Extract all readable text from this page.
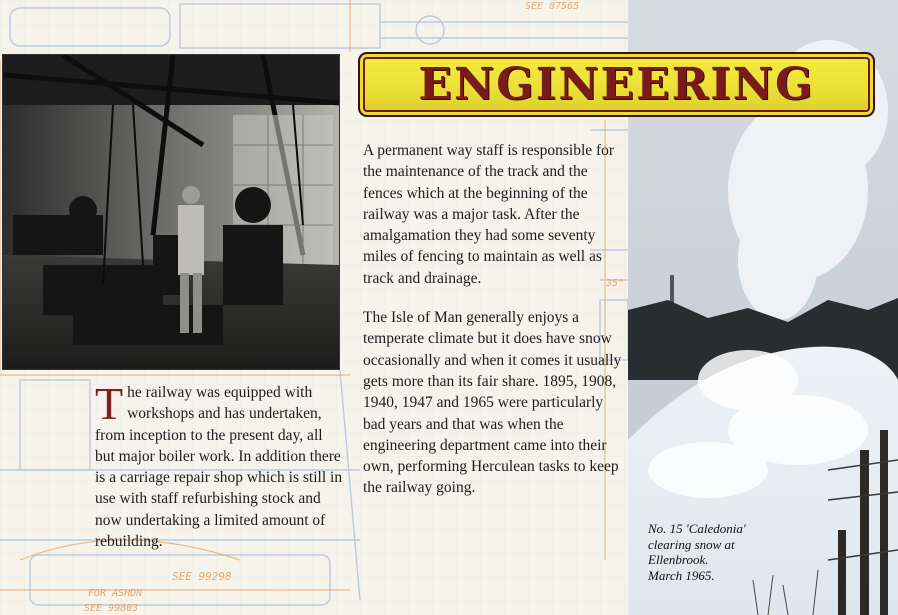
SEE 87565
SEE 99298
FOR ASHDN
SEE 99803
35"
ENGINEERING

A permanent way staff is responsible for the maintenance of the track and the fences which at the beginning of the railway was a major task. After the amalgamation they had some seventy miles of fencing to maintain as well as track and drainage.

The Isle of Man generally enjoys a temperate climate but it does have snow occasionally and when it comes it usually gets more than its fair share. 1895, 1908, 1940, 1947 and 1965 were particularly bad years and that was when the engineering department came into their own, performing Herculean tasks to keep the railway going.

The railway was equipped with workshops and has undertaken, from inception to the present day, all but major boiler work. In addition there is a carriage repair shop which is still in use with staff refurbishing stock and now undertaking a limited amount of rebuilding.
No. 15 'Caledonia'
clearing snow at
Ellenbrook.
March 1965.
